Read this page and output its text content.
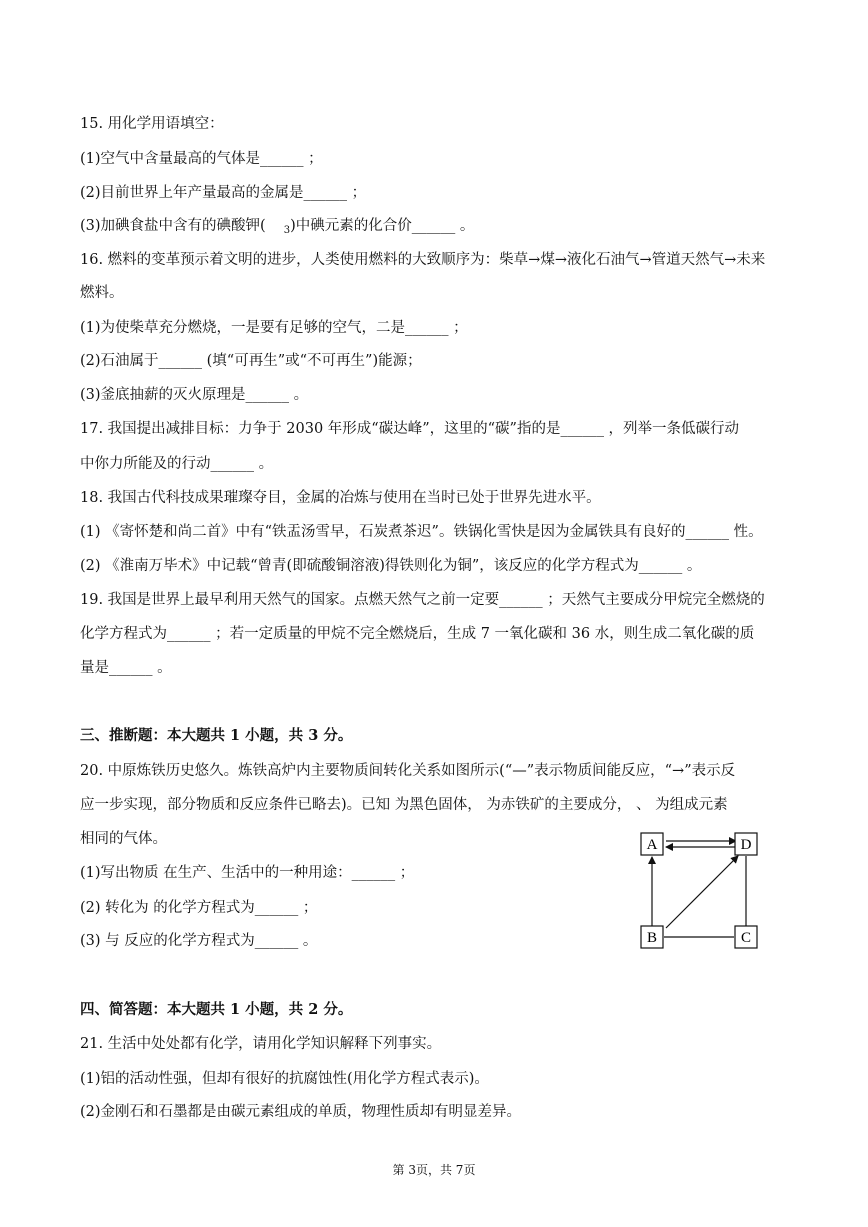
15. 用化学用语填空：
(1)空气中含量最高的气体是______ ；
(2)目前世界上年产量最高的金属是______ ；
(3)加碘食盐中含有的碘酸钾( $_3$)中碘元素的化合价______ 。
16. 燃料的变革预示着文明的进步，人类使用燃料的大致顺序为：柴草→煤→液化石油气→管道天然气→未来
燃料。
(1)为使柴草充分燃烧，一是要有足够的空气，二是______ ；
(2)石油属于______ (填“可再生”或“不可再生”)能源；
(3)釜底抽薪的灭火原理是______ 。
17. 我国提出减排目标：力争于 2030 年形成“碳达峰”，这里的“碳”指的是______ ，列举一条低碳行动
中你力所能及的行动______ 。
18. 我国古代科技成果璀璨夺目，金属的冶炼与使用在当时已处于世界先进水平。
(1) 《寄怀楚和尚二首》中有“铁盂汤雪早，石炭煮茶迟”。铁锅化雪快是因为金属铁具有良好的______ 性。
(2) 《淮南万毕术》中记载“曾青(即硫酸铜溶液)得铁则化为铜”，该反应的化学方程式为______ 。
19. 我国是世界上最早利用天然气的国家。点燃天然气之前一定要______ ；天然气主要成分甲烷完全燃烧的
化学方程式为______ ；若一定质量的甲烷不完全燃烧后，生成 7 一氧化碳和 36 水，则生成二氧化碳的质
量是______ 。
三、推断题：本大题共 1 小题，共 3 分。
20. 中原炼铁历史悠久。炼铁高炉内主要物质间转化关系如图所示(“—”表示物质间能反应，“→”表示反
应一步实现，部分物质和反应条件已略去)。已知 为黑色固体， 为赤铁矿的主要成分， 、 为组成元素
相同的气体。
(1)写出物质 在生产、生活中的一种用途：______ ；
(2) 转化为 的化学方程式为______ ；
(3) 与 反应的化学方程式为______ 。
A	D
B	C
四、简答题：本大题共 1 小题，共 2 分。
21. 生活中处处都有化学，请用化学知识解释下列事实。
(1)铝的活动性强，但却有很好的抗腐蚀性(用化学方程式表示)。
(2)金刚石和石墨都是由碳元素组成的单质，物理性质却有明显差异。
第 3页，共 7页
